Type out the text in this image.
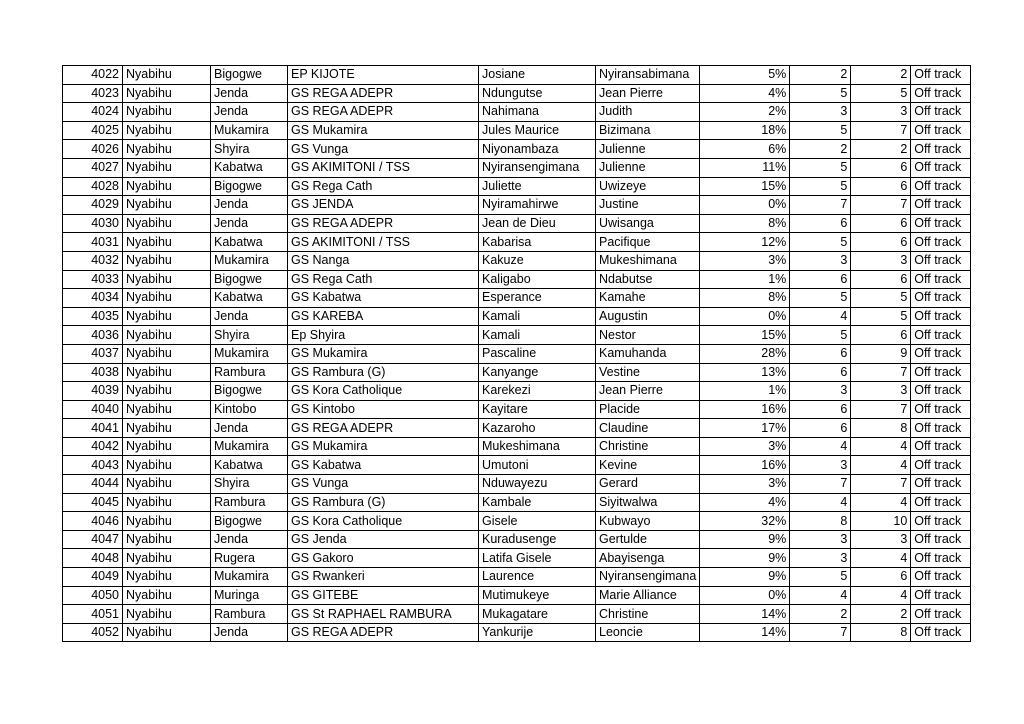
4022	Nyabihu	Bigogwe	EP KIJOTE	Josiane	Nyiransabimana	5%	2	2	Off track
4023	Nyabihu	Jenda	GS REGA ADEPR	Ndungutse	Jean Pierre	4%	5	5	Off track
4024	Nyabihu	Jenda	GS REGA ADEPR	Nahimana	Judith	2%	3	3	Off track
4025	Nyabihu	Mukamira	GS Mukamira	Jules Maurice	Bizimana	18%	5	7	Off track
4026	Nyabihu	Shyira	GS Vunga	Niyonambaza	Julienne	6%	2	2	Off track
4027	Nyabihu	Kabatwa	GS AKIMITONI / TSS	Nyiransengimana	Julienne	11%	5	6	Off track
4028	Nyabihu	Bigogwe	GS Rega Cath	Juliette	Uwizeye	15%	5	6	Off track
4029	Nyabihu	Jenda	GS JENDA	Nyiramahirwe	Justine	0%	7	7	Off track
4030	Nyabihu	Jenda	GS REGA ADEPR	Jean de Dieu	Uwisanga	8%	6	6	Off track
4031	Nyabihu	Kabatwa	GS AKIMITONI / TSS	Kabarisa	Pacifique	12%	5	6	Off track
4032	Nyabihu	Mukamira	GS Nanga	Kakuze	Mukeshimana	3%	3	3	Off track
4033	Nyabihu	Bigogwe	GS Rega Cath	Kaligabo	Ndabutse	1%	6	6	Off track
4034	Nyabihu	Kabatwa	GS Kabatwa	Esperance	Kamahe	8%	5	5	Off track
4035	Nyabihu	Jenda	GS KAREBA	Kamali	Augustin	0%	4	5	Off track
4036	Nyabihu	Shyira	Ep Shyira	Kamali	Nestor	15%	5	6	Off track
4037	Nyabihu	Mukamira	GS Mukamira	Pascaline	Kamuhanda	28%	6	9	Off track
4038	Nyabihu	Rambura	GS Rambura (G)	Kanyange	Vestine	13%	6	7	Off track
4039	Nyabihu	Bigogwe	GS Kora Catholique	Karekezi	Jean Pierre	1%	3	3	Off track
4040	Nyabihu	Kintobo	GS Kintobo	Kayitare	Placide	16%	6	7	Off track
4041	Nyabihu	Jenda	GS REGA ADEPR	Kazaroho	Claudine	17%	6	8	Off track
4042	Nyabihu	Mukamira	GS Mukamira	Mukeshimana	Christine	3%	4	4	Off track
4043	Nyabihu	Kabatwa	GS Kabatwa	Umutoni	Kevine	16%	3	4	Off track
4044	Nyabihu	Shyira	GS Vunga	Nduwayezu	Gerard	3%	7	7	Off track
4045	Nyabihu	Rambura	GS Rambura (G)	Kambale	Siyitwalwa	4%	4	4	Off track
4046	Nyabihu	Bigogwe	GS Kora Catholique	Gisele	Kubwayo	32%	8	10	Off track
4047	Nyabihu	Jenda	GS Jenda	Kuradusenge	Gertulde	9%	3	3	Off track
4048	Nyabihu	Rugera	GS Gakoro	Latifa Gisele	Abayisenga	9%	3	4	Off track
4049	Nyabihu	Mukamira	GS Rwankeri	Laurence	Nyiransengimana	9%	5	6	Off track
4050	Nyabihu	Muringa	GS GITEBE	Mutimukeye	Marie Alliance	0%	4	4	Off track
4051	Nyabihu	Rambura	GS St RAPHAEL RAMBURA	Mukagatare	Christine	14%	2	2	Off track
4052	Nyabihu	Jenda	GS REGA ADEPR	Yankurije	Leoncie	14%	7	8	Off track
